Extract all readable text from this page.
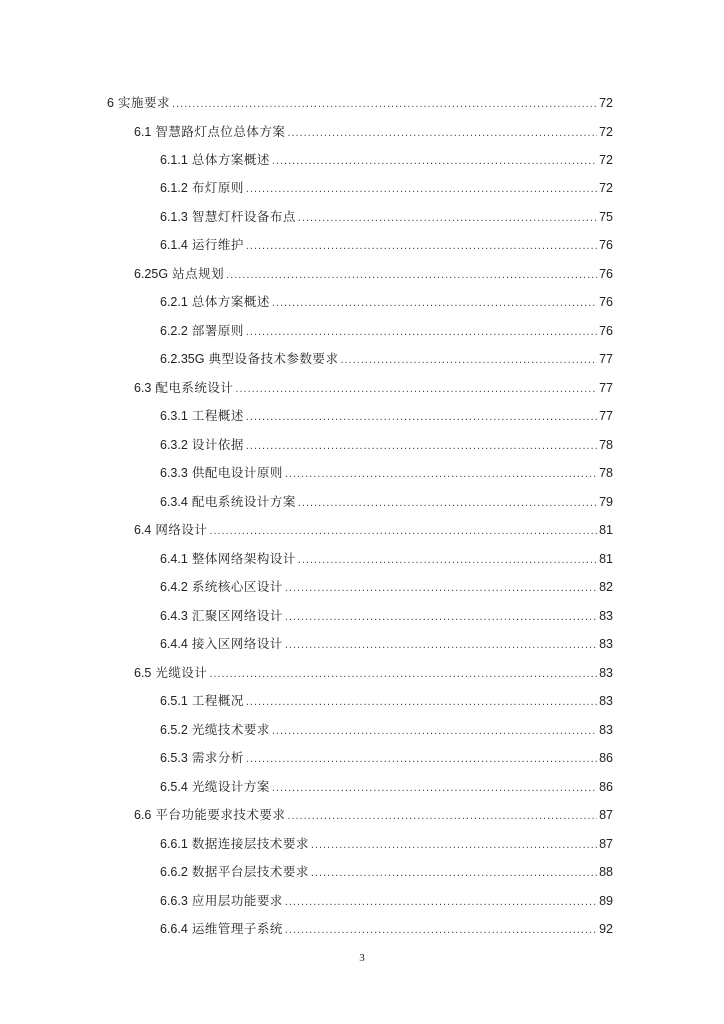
6 实施要求 .....	72
6.1 智慧路灯点位总体方案 .....	72
6.1.1 总体方案概述 .....	72
6.1.2 布灯原则 .....	72
6.1.3 智慧灯杆设备布点 .....	75
6.1.4 运行维护 .....	76
6.25G 站点规划 .....	76
6.2.1 总体方案概述 .....	76
6.2.2 部署原则 .....	76
6.2.35G 典型设备技术参数要求 .....	77
6.3 配电系统设计 .....	77
6.3.1 工程概述 .....	77
6.3.2 设计依据 .....	78
6.3.3 供配电设计原则 .....	78
6.3.4 配电系统设计方案 .....	79
6.4 网络设计 .....	81
6.4.1 整体网络架构设计 .....	81
6.4.2 系统核心区设计 .....	82
6.4.3 汇聚区网络设计 .....	83
6.4.4 接入区网络设计 .....	83
6.5 光缆设计 .....	83
6.5.1 工程概况 .....	83
6.5.2 光缆技术要求 .....	83
6.5.3 需求分析 .....	86
6.5.4 光缆设计方案 .....	86
6.6 平台功能要求技术要求 .....	87
6.6.1 数据连接层技术要求 .....	87
6.6.2 数据平台层技术要求 .....	88
6.6.3 应用层功能要求 .....	89
6.6.4 运维管理子系统 .....	92
3
